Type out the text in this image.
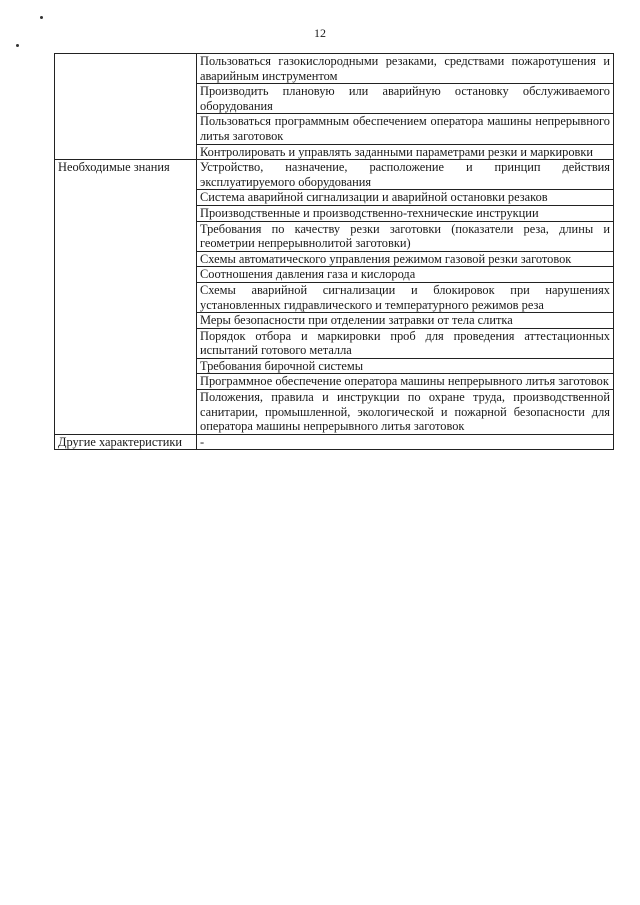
12

	Пользоваться газокислородными резаками, средствами пожаротушения и аварийным инструментом

	Производить плановую или аварийную остановку обслуживаемого оборудования

	Пользоваться программным обеспечением оператора машины непрерывного литья заготовок

	Контролировать и управлять заданными параметрами резки и маркировки

Необходимые знания	Устройство, назначение, расположение и принцип действия эксплуатируемого оборудования

	Система аварийной сигнализации и аварийной остановки резаков

	Производственные и производственно-технические инструкции

	Требования по качеству резки заготовки (показатели реза, длины и геометрии непрерывнолитой заготовки)

	Схемы автоматического управления режимом газовой резки заготовок

	Соотношения давления газа и кислорода

	Схемы аварийной сигнализации и блокировок при нарушениях установленных гидравлического и температурного режимов реза

	Меры безопасности при отделении затравки от тела слитка

	Порядок отбора и маркировки проб для проведения аттестационных испытаний готового металла

	Требования бирочной системы

	Программное обеспечение оператора машины непрерывного литья заготовок

	Положения, правила и инструкции по охране труда, производственной санитарии, промышленной, экологической и пожарной безопасности для оператора машины непрерывного литья заготовок

Другие характеристики	-
